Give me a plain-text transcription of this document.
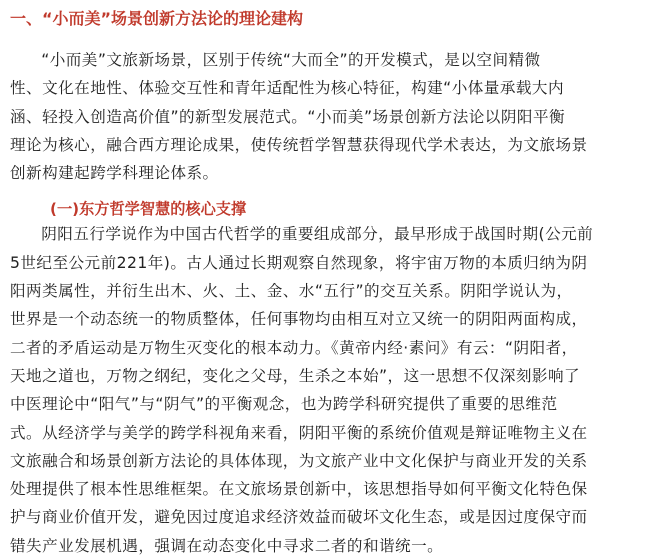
一、“小而美”场景创新方法论的理论建构
“小而美”文旅新场景，区别于传统“大而全”的开发模式，是以空间精微
性、文化在地性、体验交互性和青年适配性为核心特征，构建“小体量承载大内
涵、轻投入创造高价值”的新型发展范式。“小而美”场景创新方法论以阴阳平衡
理论为核心，融合西方理论成果，使传统哲学智慧获得现代学术表达，为文旅场景
创新构建起跨学科理论体系。
(一)东方哲学智慧的核心支撑
阴阳五行学说作为中国古代哲学的重要组成部分，最早形成于战国时期(公元前
5世纪至公元前221年)。古人通过长期观察自然现象，将宇宙万物的本质归纳为阴
阳两类属性，并衍生出木、火、土、金、水“五行”的交互关系。阴阳学说认为，
世界是一个动态统一的物质整体，任何事物均由相互对立又统一的阴阳两面构成，
二者的矛盾运动是万物生灭变化的根本动力。《黄帝内经·素问》有云：“阴阳者，
天地之道也，万物之纲纪，变化之父母，生杀之本始”，这一思想不仅深刻影响了
中医理论中“阳气”与“阴气”的平衡观念，也为跨学科研究提供了重要的思维范
式。从经济学与美学的跨学科视角来看，阴阳平衡的系统价值观是辩证唯物主义在
文旅融合和场景创新方法论的具体体现，为文旅产业中文化保护与商业开发的关系
处理提供了根本性思维框架。在文旅场景创新中，该思想指导如何平衡文化特色保
护与商业价值开发，避免因过度追求经济效益而破坏文化生态，或是因过度保守而
错失产业发展机遇，强调在动态变化中寻求二者的和谐统一。
